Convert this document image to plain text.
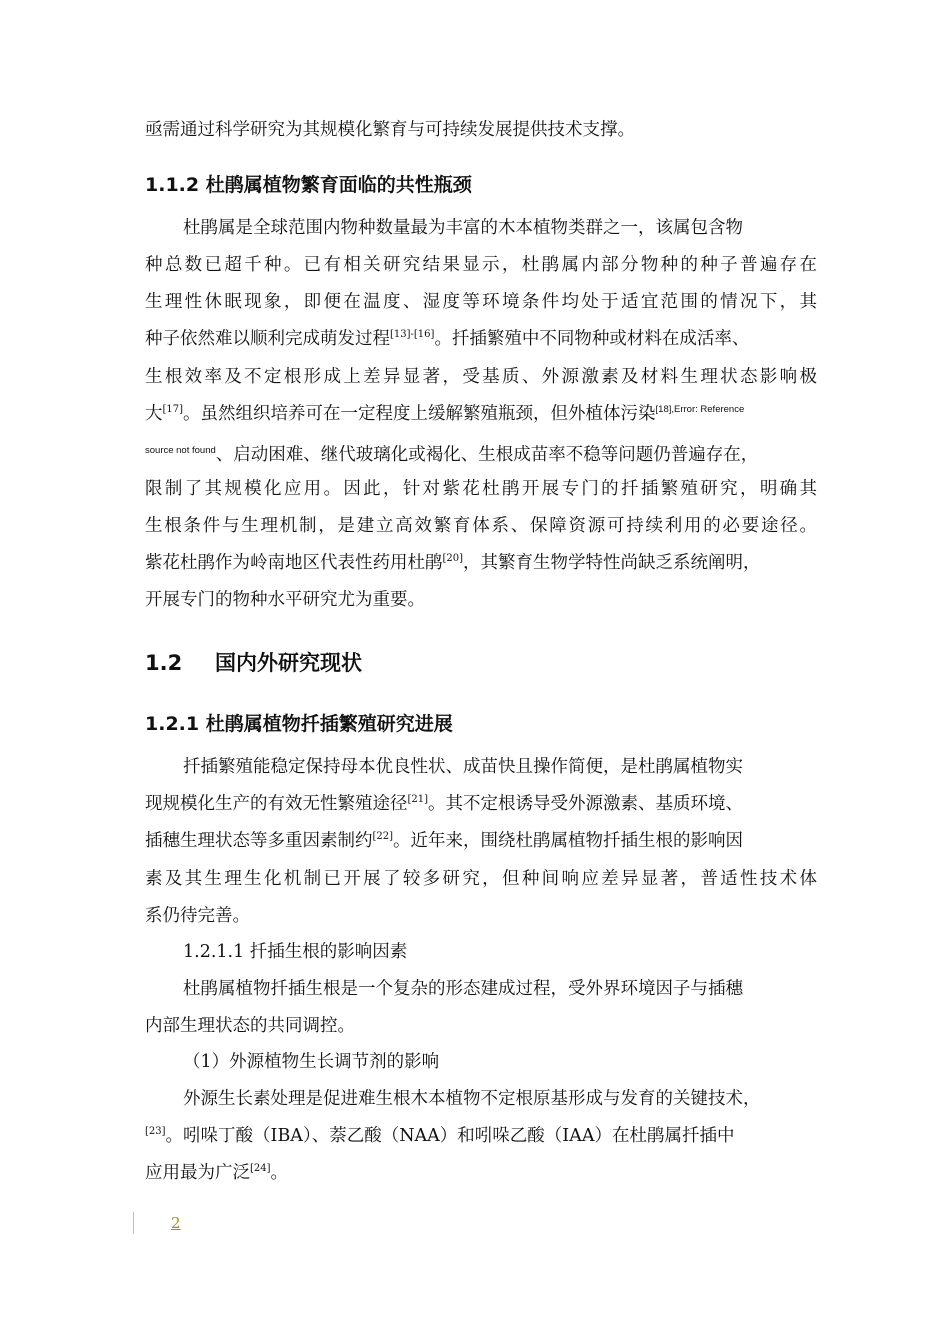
亟需通过科学研究为其规模化繁育与可持续发展提供技术支撑。
1.1.2 杜鹃属植物繁育面临的共性瓶颈
杜鹃属是全球范围内物种数量最为丰富的木本植物类群之一，该属包含物
种总数已超千种。已有相关研究结果显示，杜鹃属内部分物种的种子普遍存在
生理性休眠现象，即便在温度、湿度等环境条件均处于适宜范围的情况下，其
种子依然难以顺利完成萌发过程[13]-[16]。扦插繁殖中不同物种或材料在成活率、
生根效率及不定根形成上差异显著，受基质、外源激素及材料生理状态影响极
大[17]。虽然组织培养可在一定程度上缓解繁殖瓶颈，但外植体污染$^{[18],Error: Reference}$
$^{source not found}$、启动困难、继代玻璃化或褐化、生根成苗率不稳等问题仍普遍存在，
限制了其规模化应用。因此，针对紫花杜鹃开展专门的扦插繁殖研究，明确其
生根条件与生理机制，是建立高效繁育体系、保障资源可持续利用的必要途径。
紫花杜鹃作为岭南地区代表性药用杜鹃[20]，其繁育生物学特性尚缺乏系统阐明，
开展专门的物种水平研究尤为重要。
1.2 国内外研究现状
1.2.1 杜鹃属植物扦插繁殖研究进展
扦插繁殖能稳定保持母本优良性状、成苗快且操作简便，是杜鹃属植物实
现规模化生产的有效无性繁殖途径[21]。其不定根诱导受外源激素、基质环境、
插穗生理状态等多重因素制约[22]。近年来，围绕杜鹃属植物扦插生根的影响因
素及其生理生化机制已开展了较多研究，但种间响应差异显著，普适性技术体
系仍待完善。
1.2.1.1 扦插生根的影响因素
杜鹃属植物扦插生根是一个复杂的形态建成过程，受外界环境因子与插穗
内部生理状态的共同调控。
（1）外源植物生长调节剂的影响
外源生长素处理是促进难生根木本植物不定根原基形成与发育的关键技术，
[23]。吲哚丁酸（IBA）、萘乙酸（NAA）和吲哚乙酸（IAA）在杜鹃属扦插中
应用最为广泛[24]。
2
